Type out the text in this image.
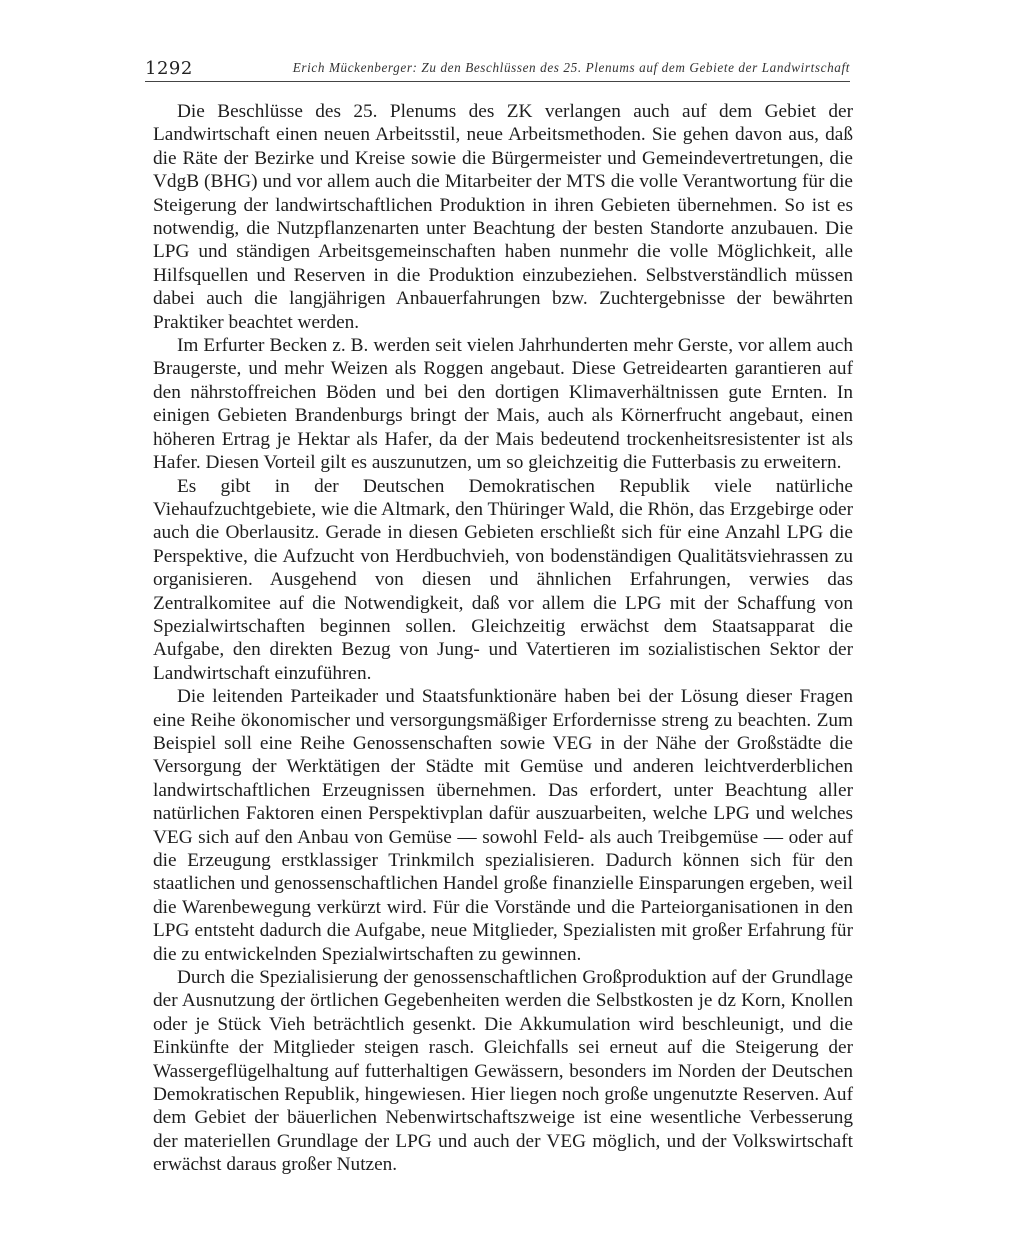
1292	Erich Mückenberger: Zu den Beschlüssen des 25. Plenums auf dem Gebiete der Landwirtschaft

Die Beschlüsse des 25. Plenums des ZK verlangen auch auf dem Gebiet der Landwirtschaft einen neuen Arbeitsstil, neue Arbeitsmethoden. Sie gehen davon aus, daß die Räte der Bezirke und Kreise sowie die Bürgermeister und Gemeindevertretungen, die VdgB (BHG) und vor allem auch die Mitarbeiter der MTS die volle Verantwortung für die Steigerung der landwirtschaftlichen Produktion in ihren Gebieten übernehmen. So ist es notwendig, die Nutzpflanzenarten unter Beachtung der besten Standorte anzubauen. Die LPG und ständigen Arbeitsgemeinschaften haben nunmehr die volle Möglichkeit, alle Hilfsquellen und Reserven in die Produktion einzubeziehen. Selbstverständlich müssen dabei auch die langjährigen Anbauerfahrungen bzw. Zuchtergebnisse der bewährten Praktiker beachtet werden.

Im Erfurter Becken z. B. werden seit vielen Jahrhunderten mehr Gerste, vor allem auch Braugerste, und mehr Weizen als Roggen angebaut. Diese Getreidearten garantieren auf den nährstoffreichen Böden und bei den dortigen Klimaverhältnissen gute Ernten. In einigen Gebieten Brandenburgs bringt der Mais, auch als Körnerfrucht angebaut, einen höheren Ertrag je Hektar als Hafer, da der Mais bedeutend trockenheitsresistenter ist als Hafer. Diesen Vorteil gilt es auszunutzen, um so gleichzeitig die Futterbasis zu erweitern.

Es gibt in der Deutschen Demokratischen Republik viele natürliche Viehaufzuchtgebiete, wie die Altmark, den Thüringer Wald, die Rhön, das Erzgebirge oder auch die Oberlausitz. Gerade in diesen Gebieten erschließt sich für eine Anzahl LPG die Perspektive, die Aufzucht von Herdbuchvieh, von bodenständigen Qualitätsviehrassen zu organisieren. Ausgehend von diesen und ähnlichen Erfahrungen, verwies das Zentralkomitee auf die Notwendigkeit, daß vor allem die LPG mit der Schaffung von Spezialwirtschaften beginnen sollen. Gleichzeitig erwächst dem Staatsapparat die Aufgabe, den direkten Bezug von Jung- und Vatertieren im sozialistischen Sektor der Landwirtschaft einzuführen.

Die leitenden Parteikader und Staatsfunktionäre haben bei der Lösung dieser Fragen eine Reihe ökonomischer und versorgungsmäßiger Erfordernisse streng zu beachten. Zum Beispiel soll eine Reihe Genossenschaften sowie VEG in der Nähe der Großstädte die Versorgung der Werktätigen der Städte mit Gemüse und anderen leichtverderblichen landwirtschaftlichen Erzeugnissen übernehmen. Das erfordert, unter Beachtung aller natürlichen Faktoren einen Perspektivplan dafür auszuarbeiten, welche LPG und welches VEG sich auf den Anbau von Gemüse — sowohl Feld- als auch Treibgemüse — oder auf die Erzeugung erstklassiger Trinkmilch spezialisieren. Dadurch können sich für den staatlichen und genossenschaftlichen Handel große finanzielle Einsparungen ergeben, weil die Warenbewegung verkürzt wird. Für die Vorstände und die Parteiorganisationen in den LPG entsteht dadurch die Aufgabe, neue Mitglieder, Spezialisten mit großer Erfahrung für die zu entwickelnden Spezialwirtschaften zu gewinnen.

Durch die Spezialisierung der genossenschaftlichen Großproduktion auf der Grundlage der Ausnutzung der örtlichen Gegebenheiten werden die Selbstkosten je dz Korn, Knollen oder je Stück Vieh beträchtlich gesenkt. Die Akkumulation wird beschleunigt, und die Einkünfte der Mitglieder steigen rasch. Gleichfalls sei erneut auf die Steigerung der Wassergeflügelhaltung auf futterhaltigen Gewässern, besonders im Norden der Deutschen Demokratischen Republik, hingewiesen. Hier liegen noch große ungenutzte Reserven. Auf dem Gebiet der bäuerlichen Nebenwirtschaftszweige ist eine wesentliche Verbesserung der materiellen Grundlage der LPG und auch der VEG möglich, und der Volkswirtschaft erwächst daraus großer Nutzen.
